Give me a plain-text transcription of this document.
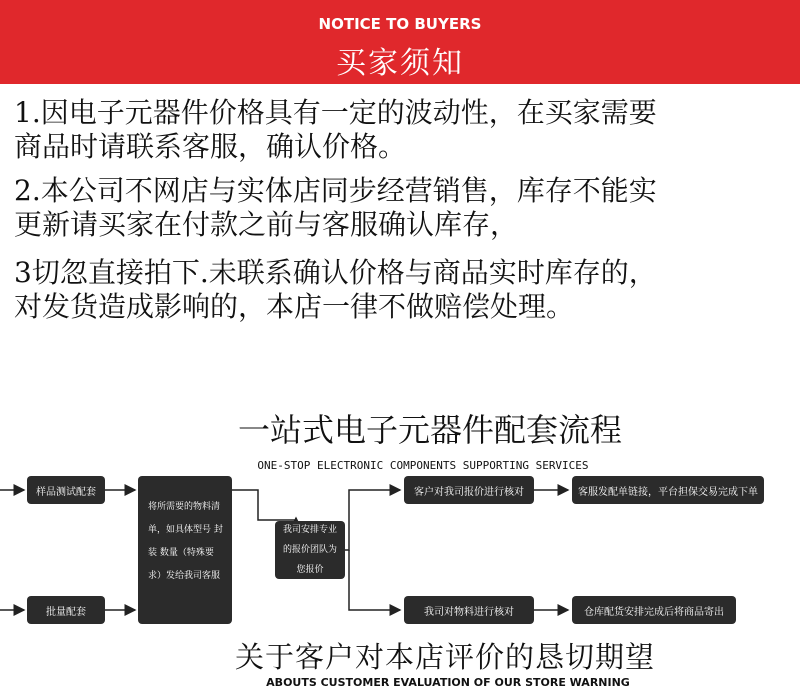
NOTICE TO BUYERS
买家须知

1.因电子元器件价格具有一定的波动性，在买家需要
商品时请联系客服，确认价格。

2.本公司不网店与实体店同步经营销售，库存不能实
更新请买家在付款之前与客服确认库存，

3切忽直接拍下.未联系确认价格与商品实时库存的，
对发货造成影响的，本店一律不做赔偿处理。

一站式电子元器件配套流程
ONE-STOP ELECTRONIC COMPONENTS SUPPORTING SERVICES
样品测试配套
批量配套
将所需要的物料清单，如具体型号 封装 数量（特殊要求）发给我司客服
我司安排专业的报价团队为您报价
客户对我司报价进行核对
我司对物料进行核对
客服发配单链接，平台担保交易完成下单
仓库配货安排完成后将商品寄出
关于客户对本店评价的恳切期望
ABOUTS CUSTOMER EVALUATION OF OUR STORE WARNING
